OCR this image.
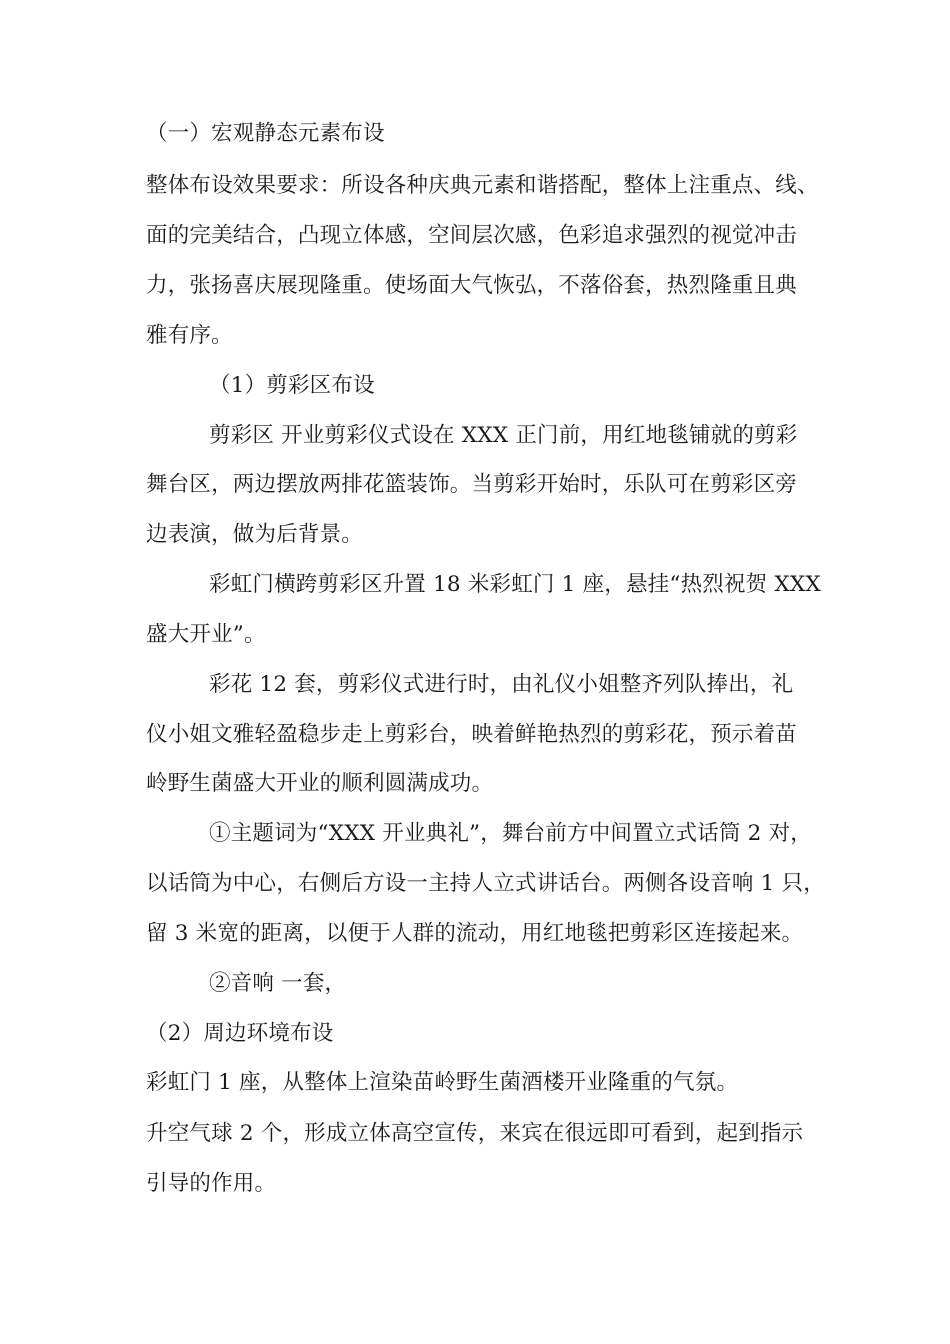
（一）宏观静态元素布设
整体布设效果要求：所设各种庆典元素和谐搭配，整体上注重点、线、
面的完美结合，凸现立体感，空间层次感，色彩追求强烈的视觉冲击
力，张扬喜庆展现隆重。使场面大气恢弘，不落俗套，热烈隆重且典
雅有序。
（1）剪彩区布设
剪彩区 开业剪彩仪式设在 XXX 正门前，用红地毯铺就的剪彩
舞台区，两边摆放两排花篮装饰。当剪彩开始时，乐队可在剪彩区旁
边表演，做为后背景。
彩虹门横跨剪彩区升置 18 米彩虹门 1 座，悬挂“热烈祝贺 XXX
盛大开业”。
彩花 12 套，剪彩仪式进行时，由礼仪小姐整齐列队捧出，礼
仪小姐文雅轻盈稳步走上剪彩台，映着鲜艳热烈的剪彩花，预示着苗
岭野生菌盛大开业的顺利圆满成功。
①主题词为“XXX 开业典礼”，舞台前方中间置立式话筒 2 对，
以话筒为中心，右侧后方设一主持人立式讲话台。两侧各设音响 1 只，
留 3 米宽的距离，以便于人群的流动，用红地毯把剪彩区连接起来。
②音响 一套，
（2）周边环境布设
彩虹门 1 座，从整体上渲染苗岭野生菌酒楼开业隆重的气氛。
升空气球 2 个，形成立体高空宣传，来宾在很远即可看到，起到指示
引导的作用。
